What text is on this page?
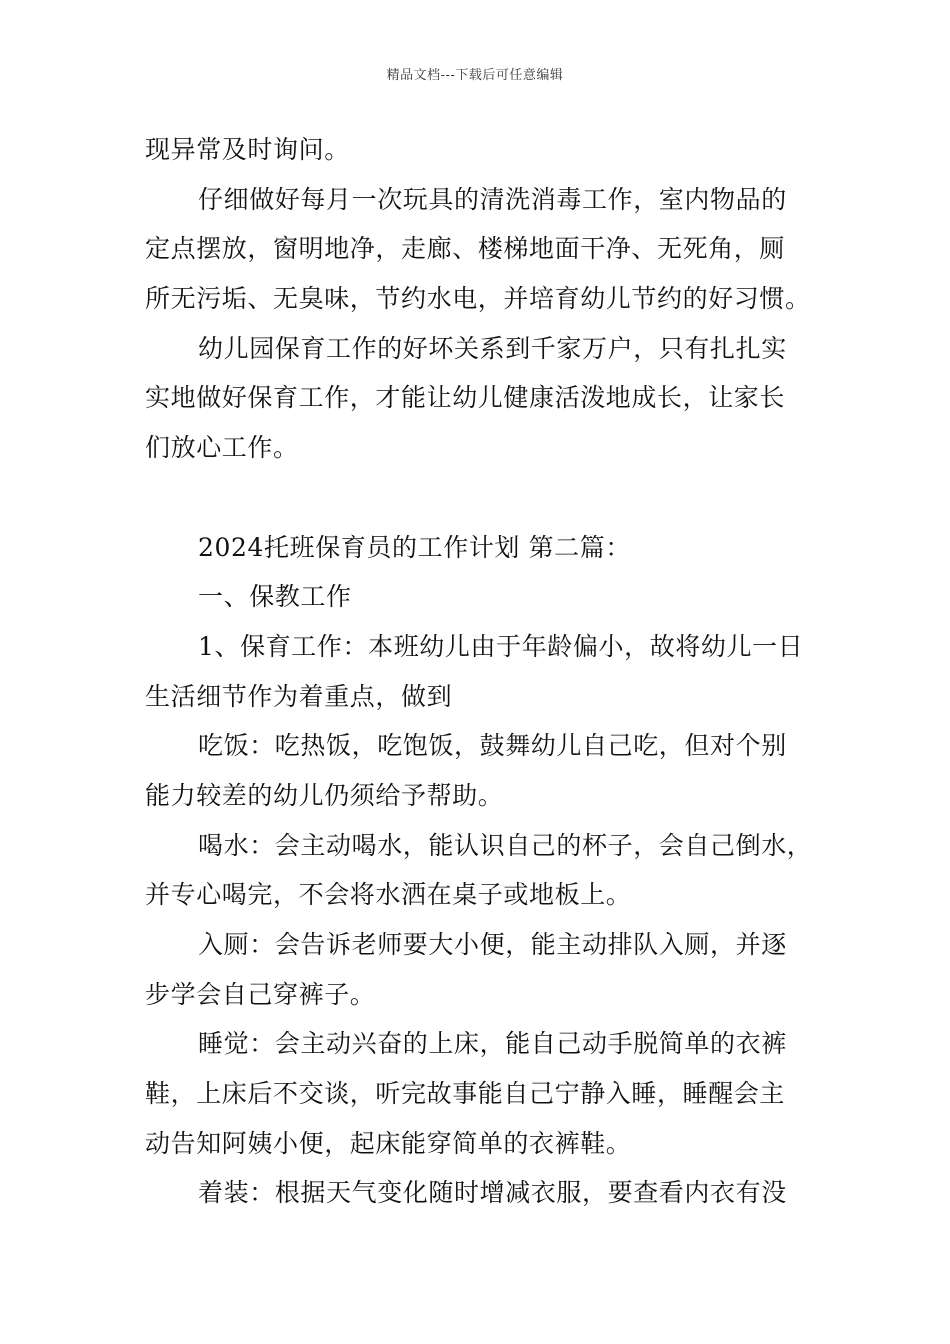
精品文档---下载后可任意编辑
现异常及时询问。
仔细做好每月一次玩具的清洗消毒工作，室内物品的
定点摆放，窗明地净，走廊、楼梯地面干净、无死角，厕
所无污垢、无臭味，节约水电，并培育幼儿节约的好习惯。
幼儿园保育工作的好坏关系到千家万户，只有扎扎实
实地做好保育工作，才能让幼儿健康活泼地成长，让家长
们放心工作。
2024托班保育员的工作计划 第二篇：
一、保教工作
1、保育工作：本班幼儿由于年龄偏小，故将幼儿一日
生活细节作为着重点，做到
吃饭：吃热饭，吃饱饭，鼓舞幼儿自己吃，但对个别
能力较差的幼儿仍须给予帮助。
喝水：会主动喝水，能认识自己的杯子，会自己倒水，
并专心喝完，不会将水洒在桌子或地板上。
入厕：会告诉老师要大小便，能主动排队入厕，并逐
步学会自己穿裤子。
睡觉：会主动兴奋的上床，能自己动手脱简单的衣裤
鞋，上床后不交谈，听完故事能自己宁静入睡，睡醒会主
动告知阿姨小便，起床能穿简单的衣裤鞋。
着装：根据天气变化随时增减衣服，要查看内衣有没
